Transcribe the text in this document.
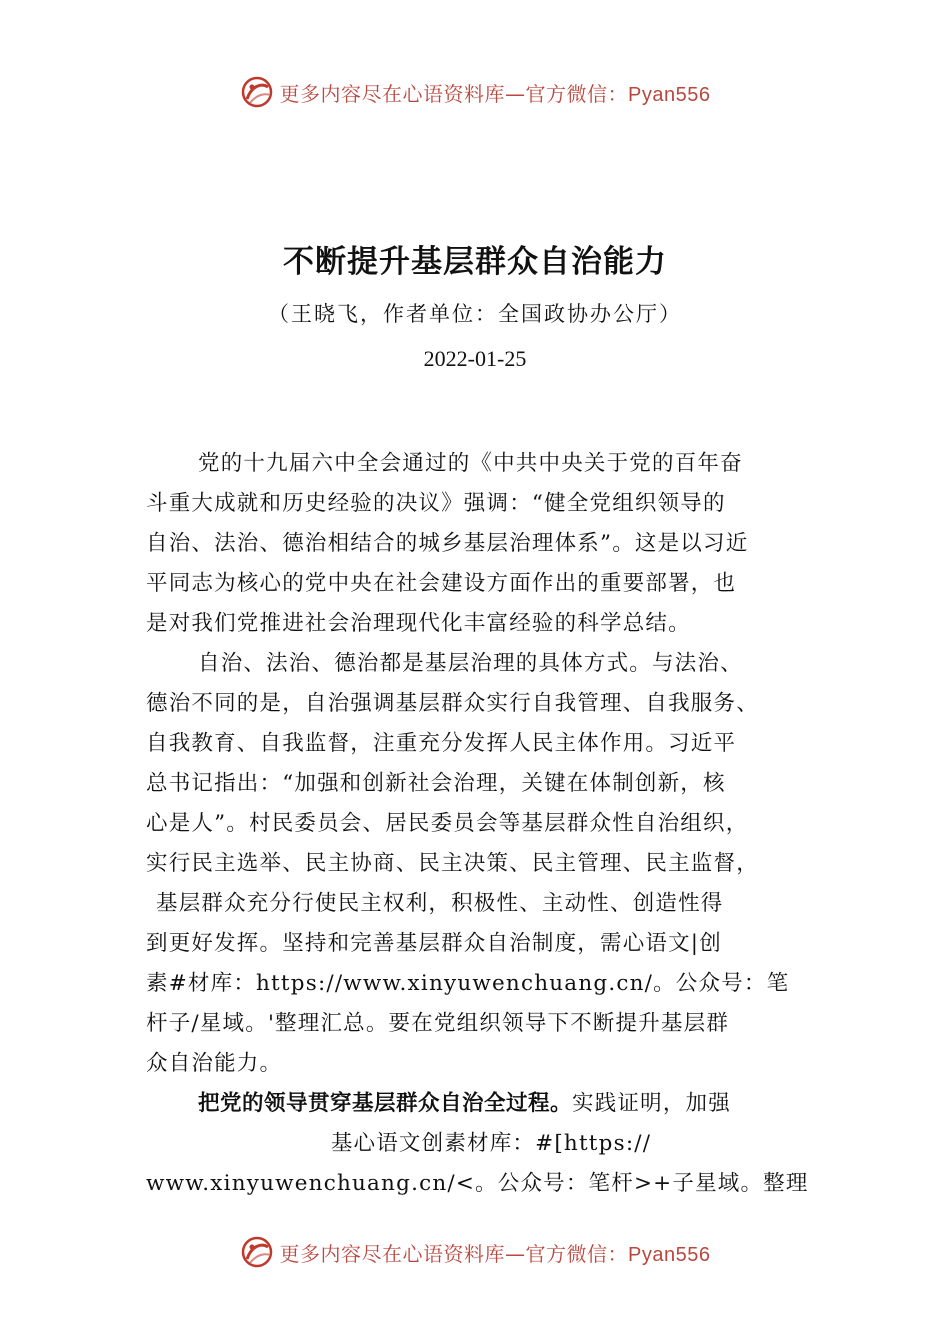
更多内容尽在心语资料库—官方微信：Pyan556
不断提升基层群众自治能力
（王晓飞，作者单位：全国政协办公厅）
2022-01-25
党的十九届六中全会通过的《中共中央关于党的百年奋
斗重大成就和历史经验的决议》强调：“健全党组织领导的
自治、法治、德治相结合的城乡基层治理体系”。这是以习近
平同志为核心的党中央在社会建设方面作出的重要部署，也
是对我们党推进社会治理现代化丰富经验的科学总结。
自治、法治、德治都是基层治理的具体方式。与法治、
德治不同的是，自治强调基层群众实行自我管理、自我服务、
自我教育、自我监督，注重充分发挥人民主体作用。习近平
总书记指出：“加强和创新社会治理，关键在体制创新，核
心是人”。村民委员会、居民委员会等基层群众性自治组织，
实行民主选举、民主协商、民主决策、民主管理、民主监督，
基层群众充分行使民主权利，积极性、主动性、创造性得
到更好发挥。坚持和完善基层群众自治制度，需心语文|创
素#材库：https://www.xinyuwenchuang.cn/。公众号：笔
杆子/星域。'整理汇总。要在党组织领导下不断提升基层群
众自治能力。
把党的领导贯穿基层群众自治全过程。实践证明，加强
基心语文创素材库：#[https://
www.xinyuwenchuang.cn/<。公众号：笔杆>+子星域。整理
更多内容尽在心语资料库—官方微信：Pyan556
